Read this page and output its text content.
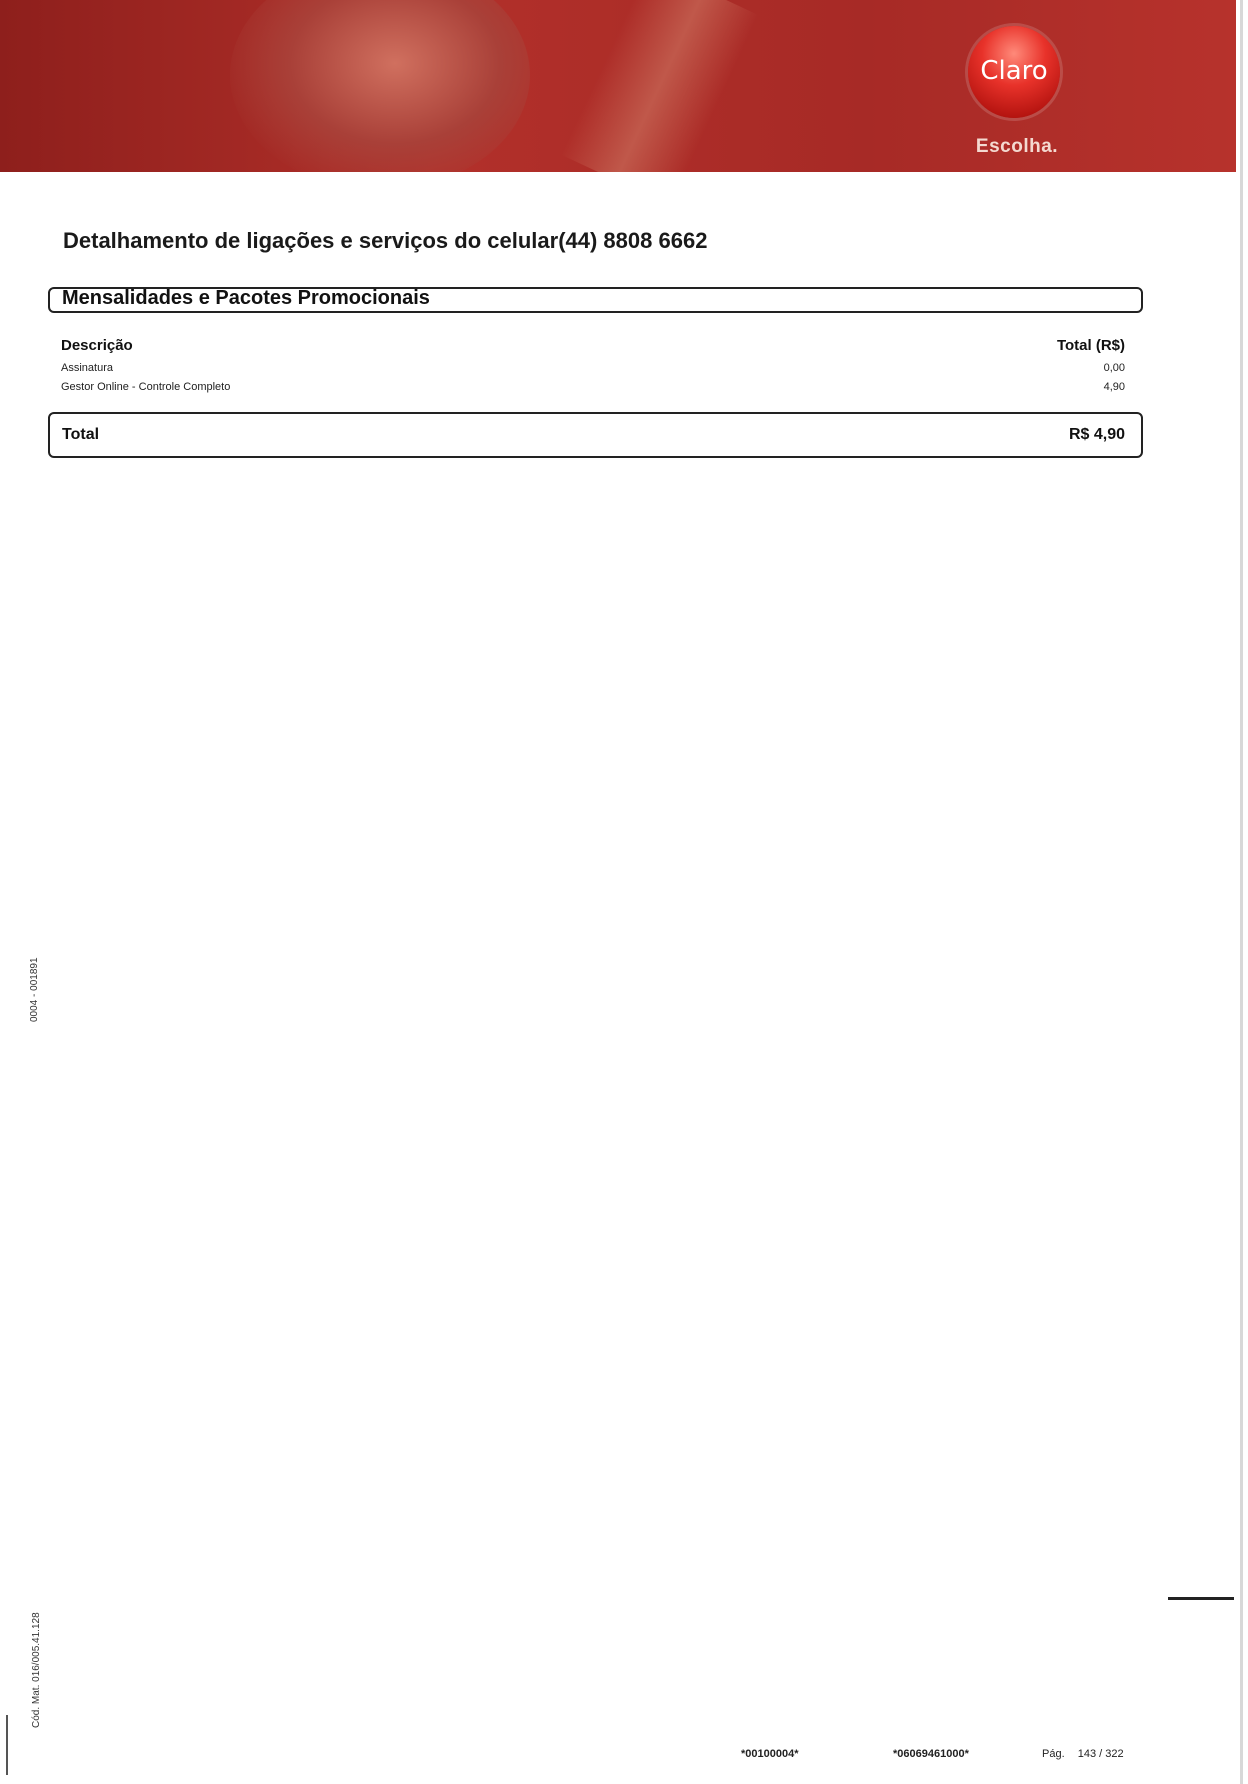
Claro
Escolha.
Detalhamento de ligações e serviços do celular(44) 8808 6662
Mensalidades e Pacotes Promocionais
Descrição	Total (R$)
Assinatura	0,00
Gestor Online - Controle Completo	4,90
Total	R$ 4,90
0004 - 001891
Cód. Mat. 016/005.41.128
*00100004*	*06069461000*	Pág. 143 / 322
